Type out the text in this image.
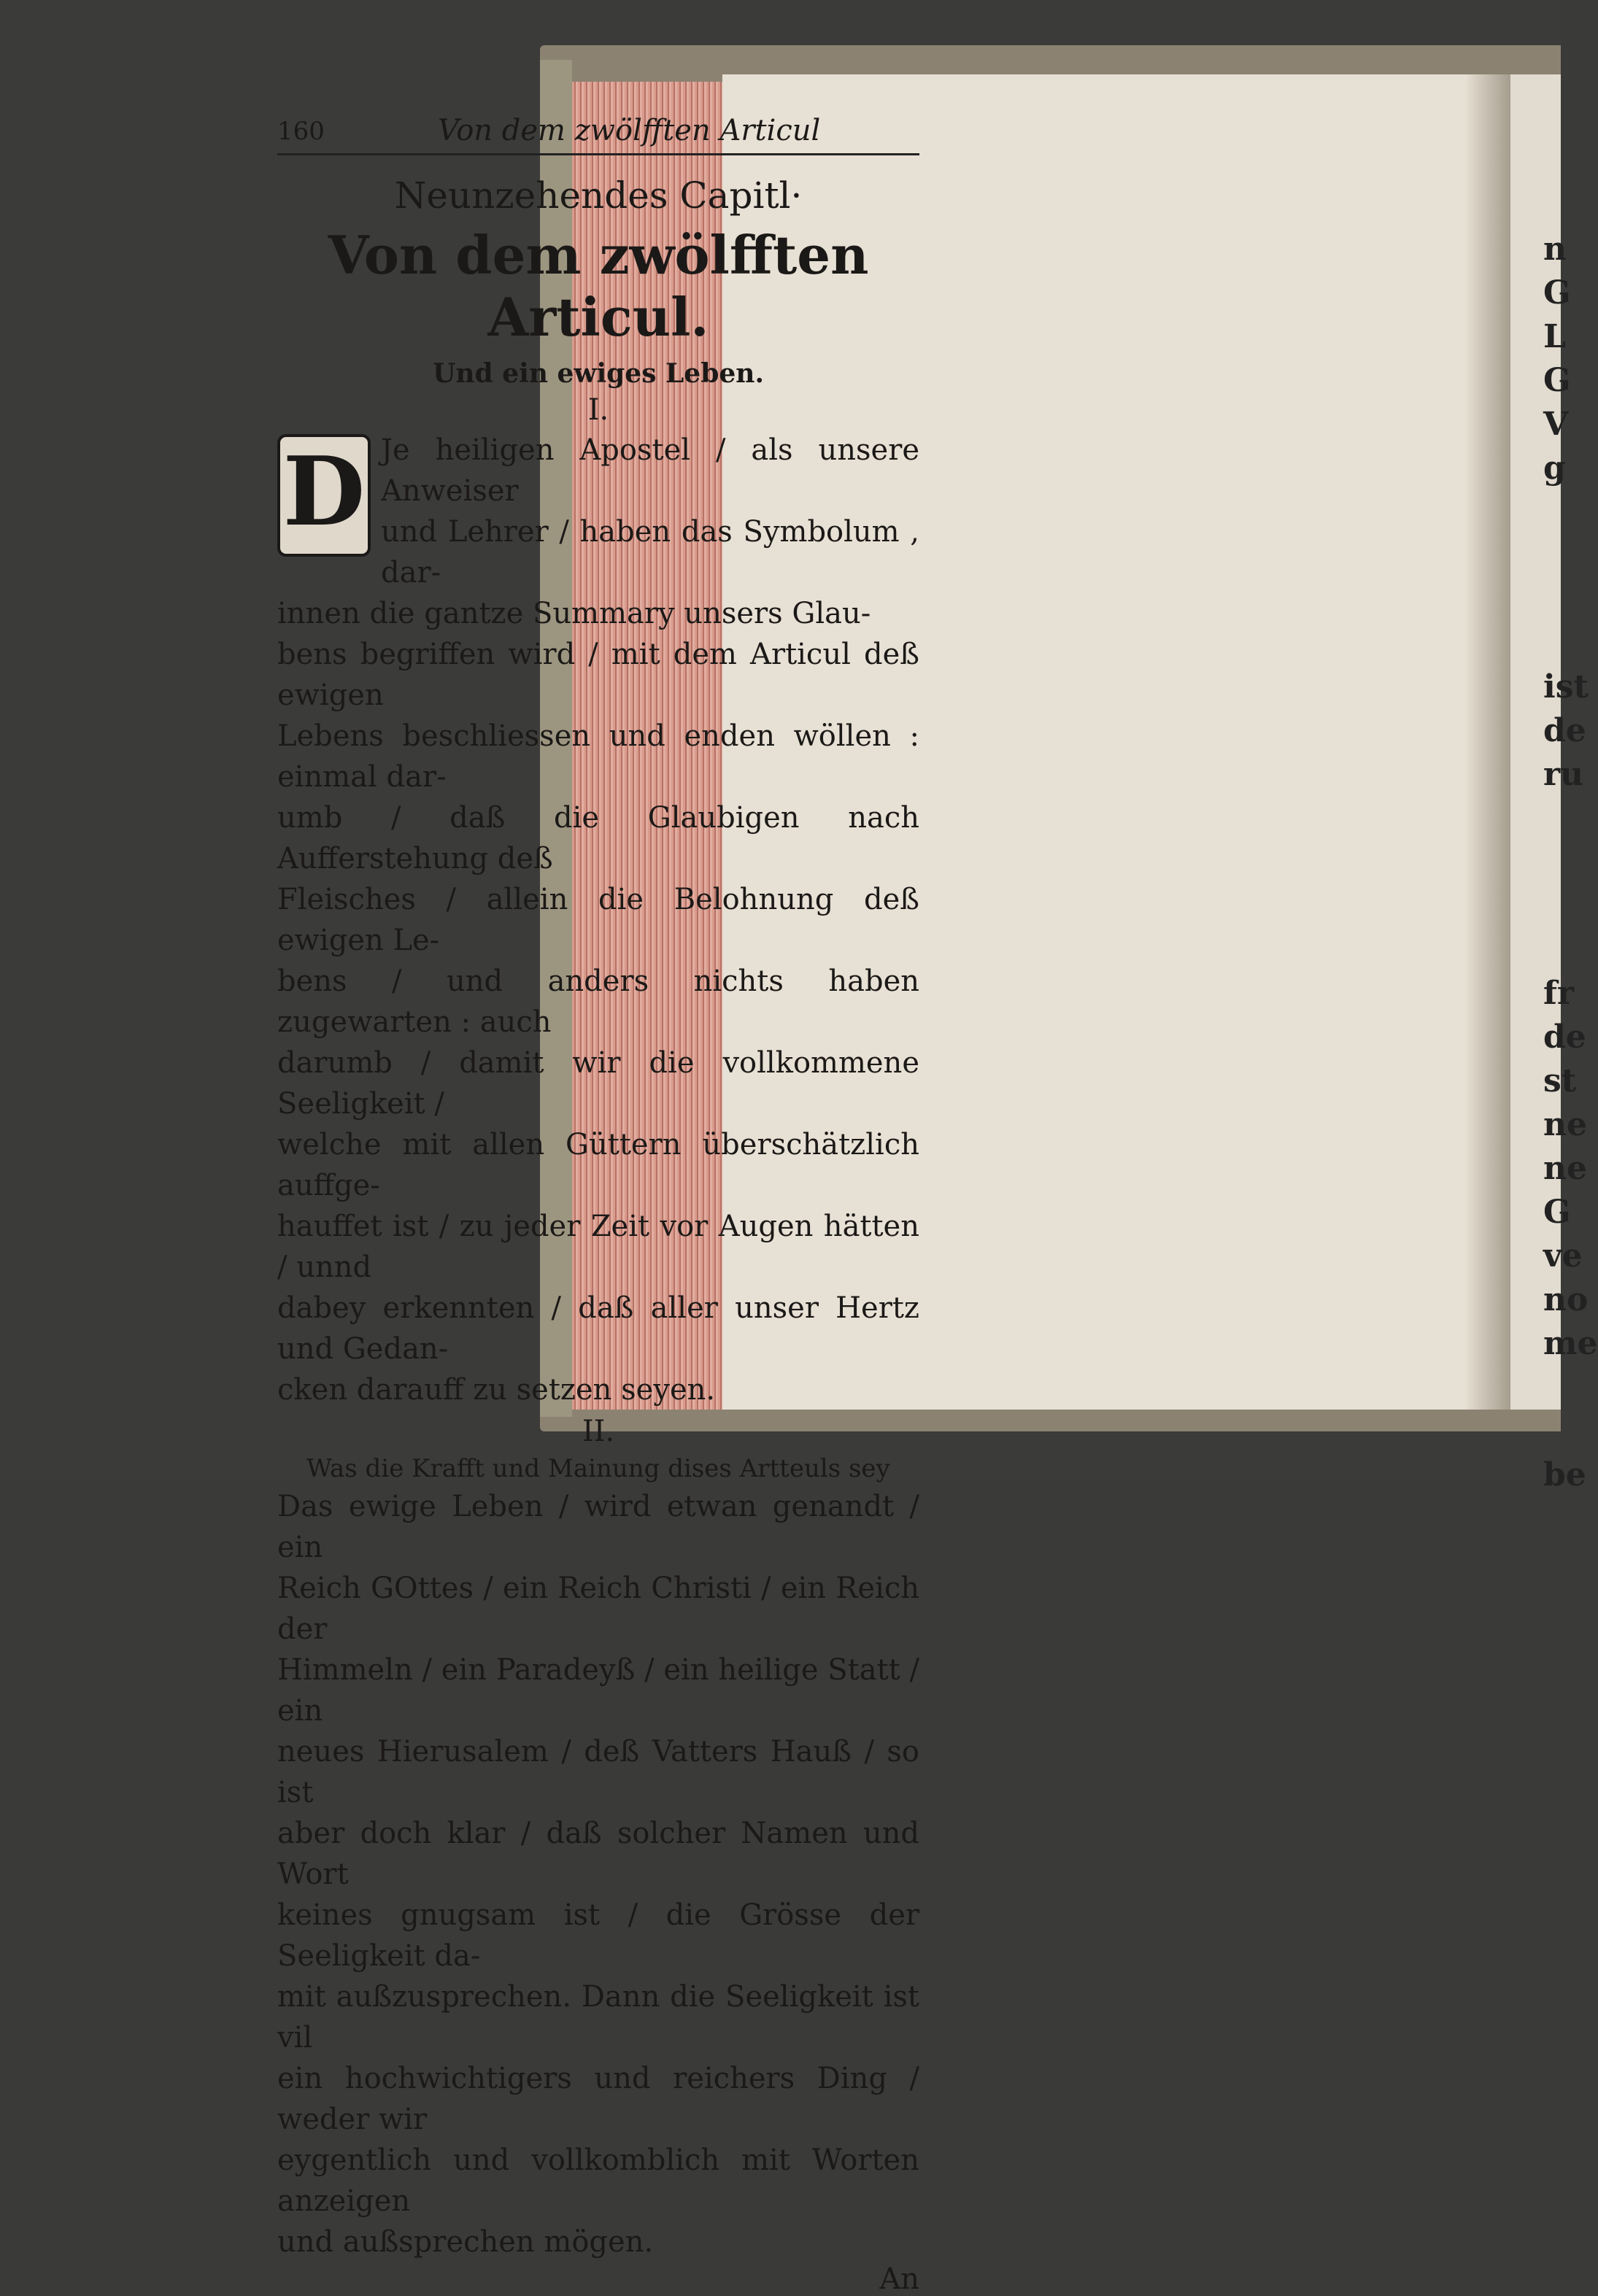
n
G
L
G
V
g
ist
de
ru
fr
de
st
ne
ne
G
ve
no
me
be
160	Von dem zwölfften Articul
Neunzehendes Capitl·
Von dem zwölfften Articul.
Und ein ewiges Leben.
I.
D Je heiligen Apostel / als unsere Anweiser
und Lehrer / haben das Symbolum , dar-
innen die gantze Summary unsers Glau-
bens begriffen wird / mit dem Articul deß ewigen
Lebens beschliessen und enden wöllen : einmal dar-
umb / daß die Glaubigen nach Aufferstehung deß
Fleisches / allein die Belohnung deß ewigen Le-
bens / und anders nichts haben zugewarten : auch
darumb / damit wir die vollkommene Seeligkeit /
welche mit allen Güttern überschätzlich auffge-
hauffet ist / zu jeder Zeit vor Augen hätten / unnd
dabey erkennten / daß aller unser Hertz und Gedan-
cken darauff zu setzen seyen.
II.
Was die Krafft und Mainung dises Artteuls sey
Das ewige Leben / wird etwan genandt / ein
Reich GOttes / ein Reich Christi / ein Reich der
Himmeln / ein Paradeyß / ein heilige Statt / ein
neues Hierusalem / deß Vatters Hauß / so ist
aber doch klar / daß solcher Namen und Wort
keines gnugsam ist / die Grösse der Seeligkeit da-
mit außzusprechen. Dann die Seeligkeit ist vil
ein hochwichtigers und reichers Ding / weder wir
eygentlich und vollkomblich mit Worten anzeigen
und außsprechen mögen.
An
